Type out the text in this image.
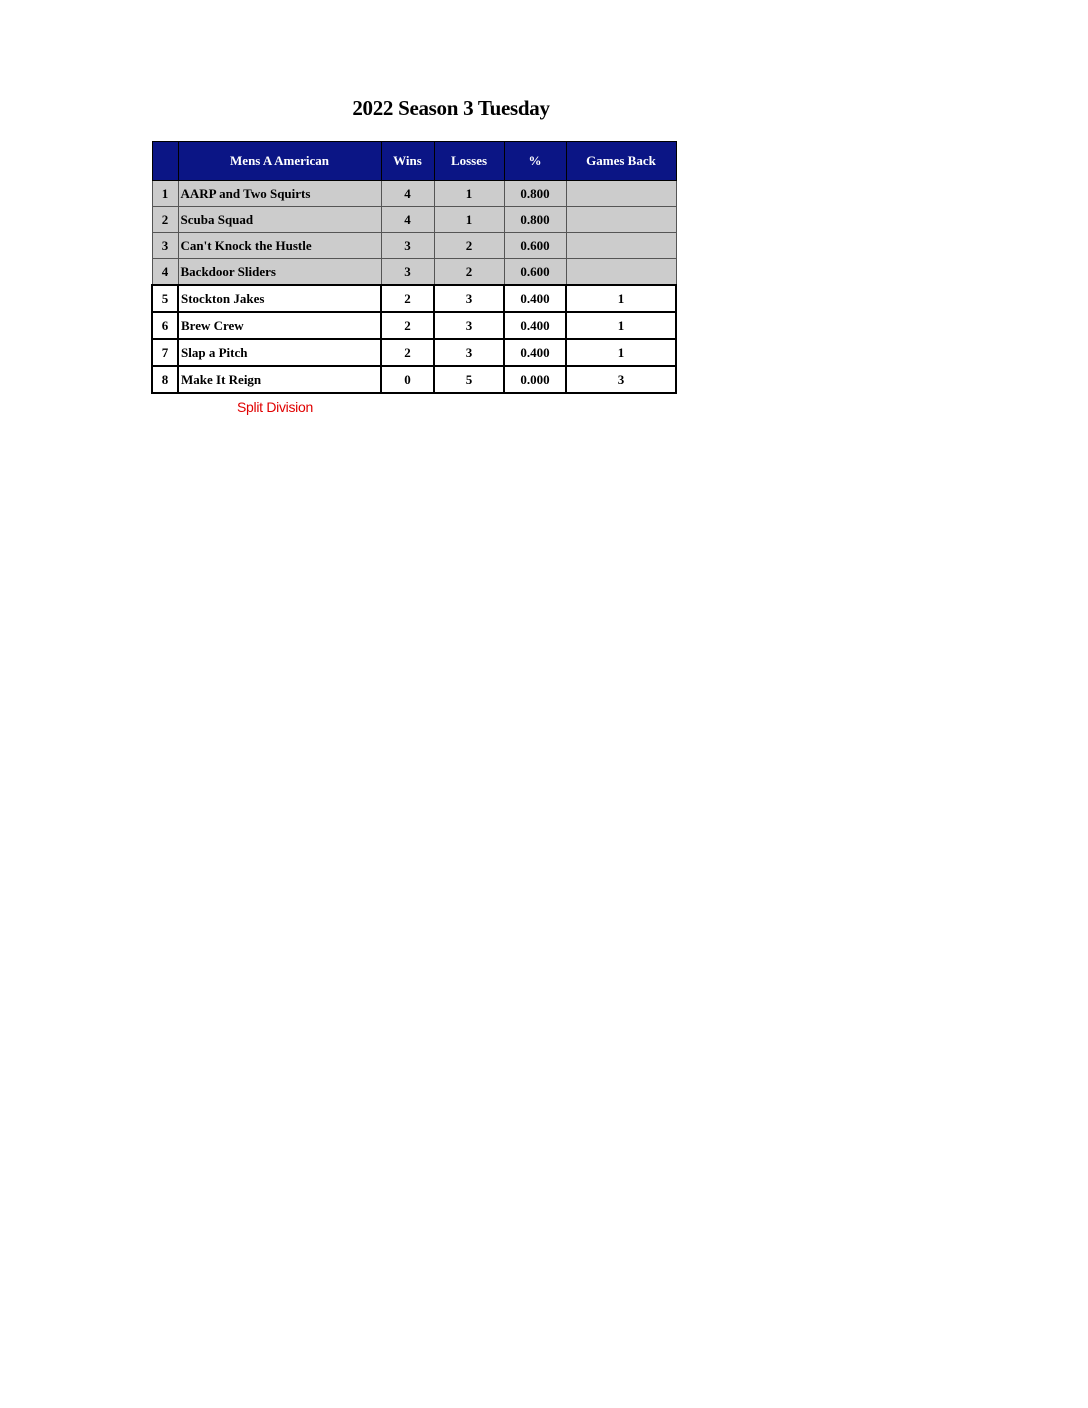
2022 Season 3 Tuesday
	Mens A American	Wins	Losses	%	Games Back
1	AARP and Two Squirts	4	1	0.800	
2	Scuba Squad	4	1	0.800	
3	Can't Knock the Hustle	3	2	0.600	
4	Backdoor Sliders	3	2	0.600	
5	Stockton Jakes	2	3	0.400	1
6	Brew Crew	2	3	0.400	1
7	Slap a Pitch	2	3	0.400	1
8	Make It Reign	0	5	0.000	3
Split Division
